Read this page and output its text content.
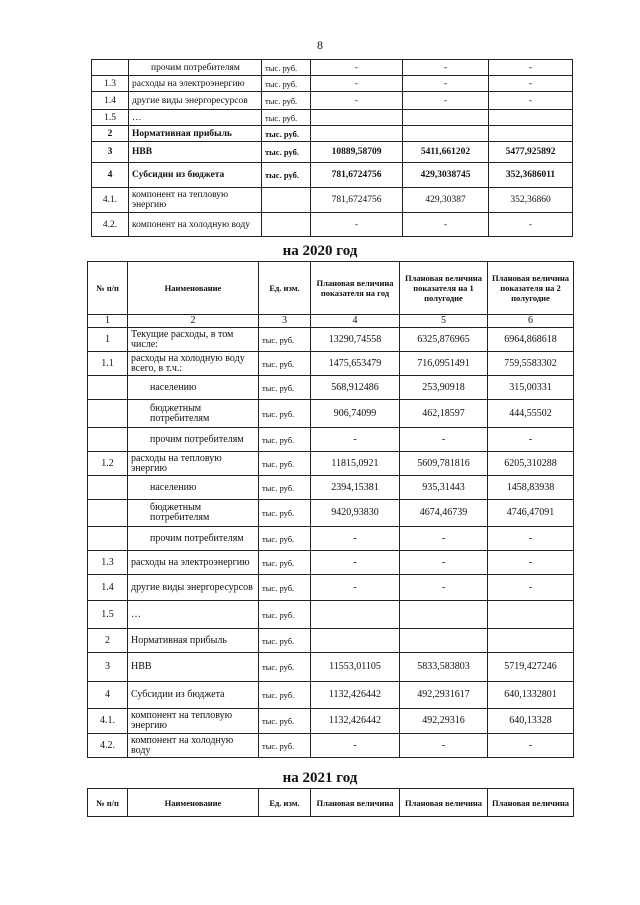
8
	прочим потребителям	тыс. руб.	-	-	-
1.3	расходы на электроэнергию	тыс. руб.	-	-	-
1.4	другие виды энергоресурсов	тыс. руб.	-	-	-
1.5	…	тыс. руб.			
2	Нормативная прибыль	тыс. руб.			
3	НВВ	тыс. руб.	10889,58709	5411,661202	5477,925892
4	Субсидии из бюджета	тыс. руб.	781,6724756	429,3038745	352,3686011
4.1.	компонент на тепловую энергию		781,6724756	429,30387	352,36860
4.2.	компонент на холодную воду		-	-	-
на 2020 год
№ п/п	Наименование	Ед. изм.	Плановая величина показателя на год	Плановая величина показателя на 1 полугодие	Плановая величина показателя на 2 полугодие
1	2	3	4	5	6
1	Текущие расходы, в том числе:	тыс. руб.	13290,74558	6325,876965	6964,868618
1.1	расходы на холодную воду всего, в т.ч.:	тыс. руб.	1475,653479	716,0951491	759,5583302
	населению	тыс. руб.	568,912486	253,90918	315,00331
	бюджетным потребителям	тыс. руб.	906,74099	462,18597	444,55502
	прочим потребителям	тыс. руб.	-	-	-
1.2	расходы на тепловую энергию	тыс. руб.	11815,0921	5609,781816	6205,310288
	населению	тыс. руб.	2394,15381	935,31443	1458,83938
	бюджетным потребителям	тыс. руб.	9420,93830	4674,46739	4746,47091
	прочим потребителям	тыс. руб.	-	-	-
1.3	расходы на электроэнергию	тыс. руб.	-	-	-
1.4	другие виды энергоресурсов	тыс. руб.	-	-	-
1.5	…	тыс. руб.			
2	Нормативная прибыль	тыс. руб.			
3	НВВ	тыс. руб.	11553,01105	5833,583803	5719,427246
4	Субсидии из бюджета	тыс. руб.	1132,426442	492,2931617	640,1332801
4.1.	компонент на тепловую энергию	тыс. руб.	1132,426442	492,29316	640,13328
4.2.	компонент на холодную воду	тыс. руб.	-	-	-
на 2021 год
№ п/п	Наименование	Ед. изм.	Плановая величина	Плановая величина	Плановая величина
